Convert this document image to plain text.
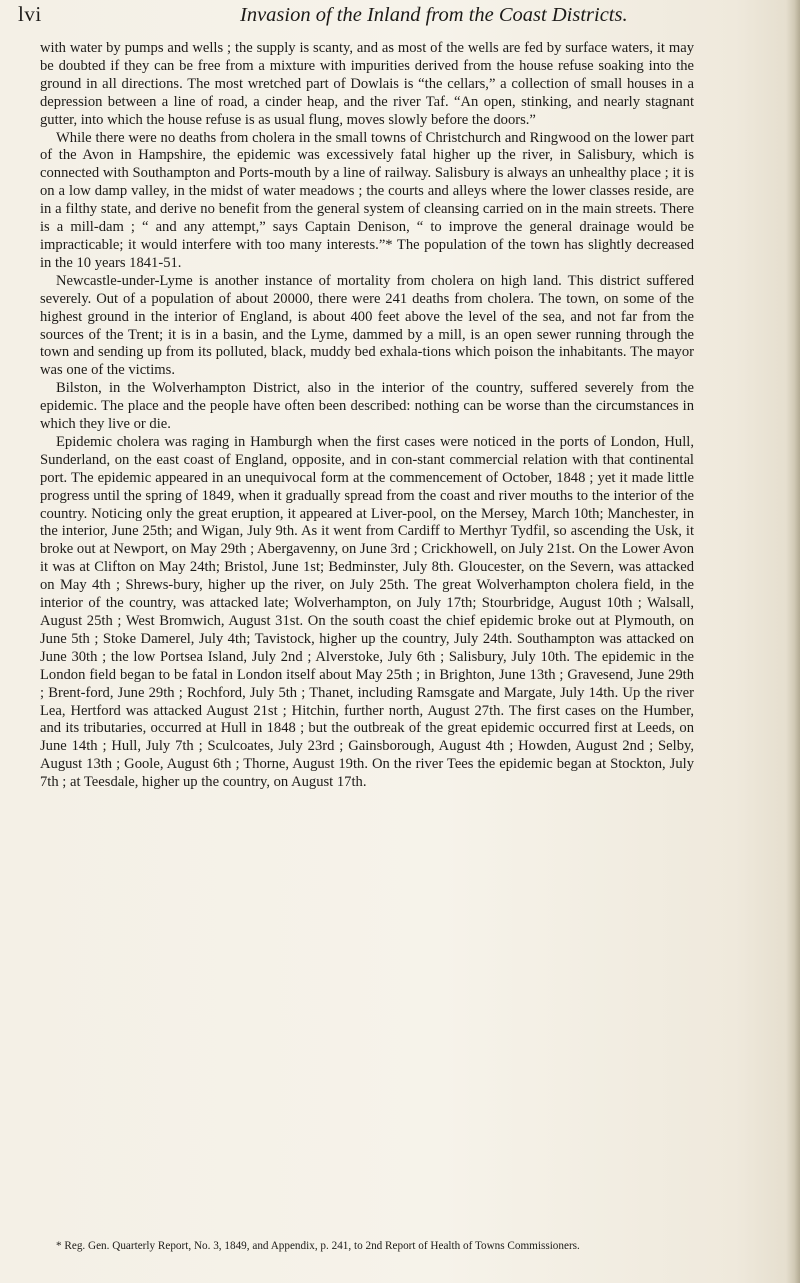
lvi	Invasion of the Inland from the Coast Districts.

with water by pumps and wells ; the supply is scanty, and as most of the wells are fed by surface waters, it may be doubted if they can be free from a mixture with impurities derived from the house refuse soaking into the ground in all directions. The most wretched part of Dowlais is “the cellars,” a collection of small houses in a depression between a line of road, a cinder heap, and the river Taf. “An open, stinking, and nearly stagnant gutter, into which the house refuse is as usual flung, moves slowly before the doors.”

While there were no deaths from cholera in the small towns of Christchurch and Ringwood on the lower part of the Avon in Hampshire, the epidemic was excessively fatal higher up the river, in Salisbury, which is connected with Southampton and Ports-mouth by a line of railway. Salisbury is always an unhealthy place ; it is on a low damp valley, in the midst of water meadows ; the courts and alleys where the lower classes reside, are in a filthy state, and derive no benefit from the general system of cleansing carried on in the main streets. There is a mill-dam ; “ and any attempt,” says Captain Denison, “ to improve the general drainage would be impracticable; it would interfere with too many interests.”* The population of the town has slightly decreased in the 10 years 1841-51.

Newcastle-under-Lyme is another instance of mortality from cholera on high land. This district suffered severely. Out of a population of about 20000, there were 241 deaths from cholera. The town, on some of the highest ground in the interior of England, is about 400 feet above the level of the sea, and not far from the sources of the Trent; it is in a basin, and the Lyme, dammed by a mill, is an open sewer running through the town and sending up from its polluted, black, muddy bed exhala-tions which poison the inhabitants. The mayor was one of the victims.

Bilston, in the Wolverhampton District, also in the interior of the country, suffered severely from the epidemic. The place and the people have often been described: nothing can be worse than the circumstances in which they live or die.

Epidemic cholera was raging in Hamburgh when the first cases were noticed in the ports of London, Hull, Sunderland, on the east coast of England, opposite, and in con-stant commercial relation with that continental port. The epidemic appeared in an unequivocal form at the commencement of October, 1848 ; yet it made little progress until the spring of 1849, when it gradually spread from the coast and river mouths to the interior of the country. Noticing only the great eruption, it appeared at Liver-pool, on the Mersey, March 10th; Manchester, in the interior, June 25th; and Wigan, July 9th. As it went from Cardiff to Merthyr Tydfil, so ascending the Usk, it broke out at Newport, on May 29th ; Abergavenny, on June 3rd ; Crickhowell, on July 21st. On the Lower Avon it was at Clifton on May 24th; Bristol, June 1st; Bedminster, July 8th. Gloucester, on the Severn, was attacked on May 4th ; Shrews-bury, higher up the river, on July 25th. The great Wolverhampton cholera field, in the interior of the country, was attacked late; Wolverhampton, on July 17th; Stourbridge, August 10th ; Walsall, August 25th ; West Bromwich, August 31st. On the south coast the chief epidemic broke out at Plymouth, on June 5th ; Stoke Damerel, July 4th; Tavistock, higher up the country, July 24th. Southampton was attacked on June 30th ; the low Portsea Island, July 2nd ; Alverstoke, July 6th ; Salisbury, July 10th. The epidemic in the London field began to be fatal in London itself about May 25th ; in Brighton, June 13th ; Gravesend, June 29th ; Brent-ford, June 29th ; Rochford, July 5th ; Thanet, including Ramsgate and Margate, July 14th. Up the river Lea, Hertford was attacked August 21st ; Hitchin, further north, August 27th. The first cases on the Humber, and its tributaries, occurred at Hull in 1848 ; but the outbreak of the great epidemic occurred first at Leeds, on June 14th ; Hull, July 7th ; Sculcoates, July 23rd ; Gainsborough, August 4th ; Howden, August 2nd ; Selby, August 13th ; Goole, August 6th ; Thorne, August 19th. On the river Tees the epidemic began at Stockton, July 7th ; at Teesdale, higher up the country, on August 17th.

* Reg. Gen. Quarterly Report, No. 3, 1849, and Appendix, p. 241, to 2nd Report of Health of Towns Commissioners.
